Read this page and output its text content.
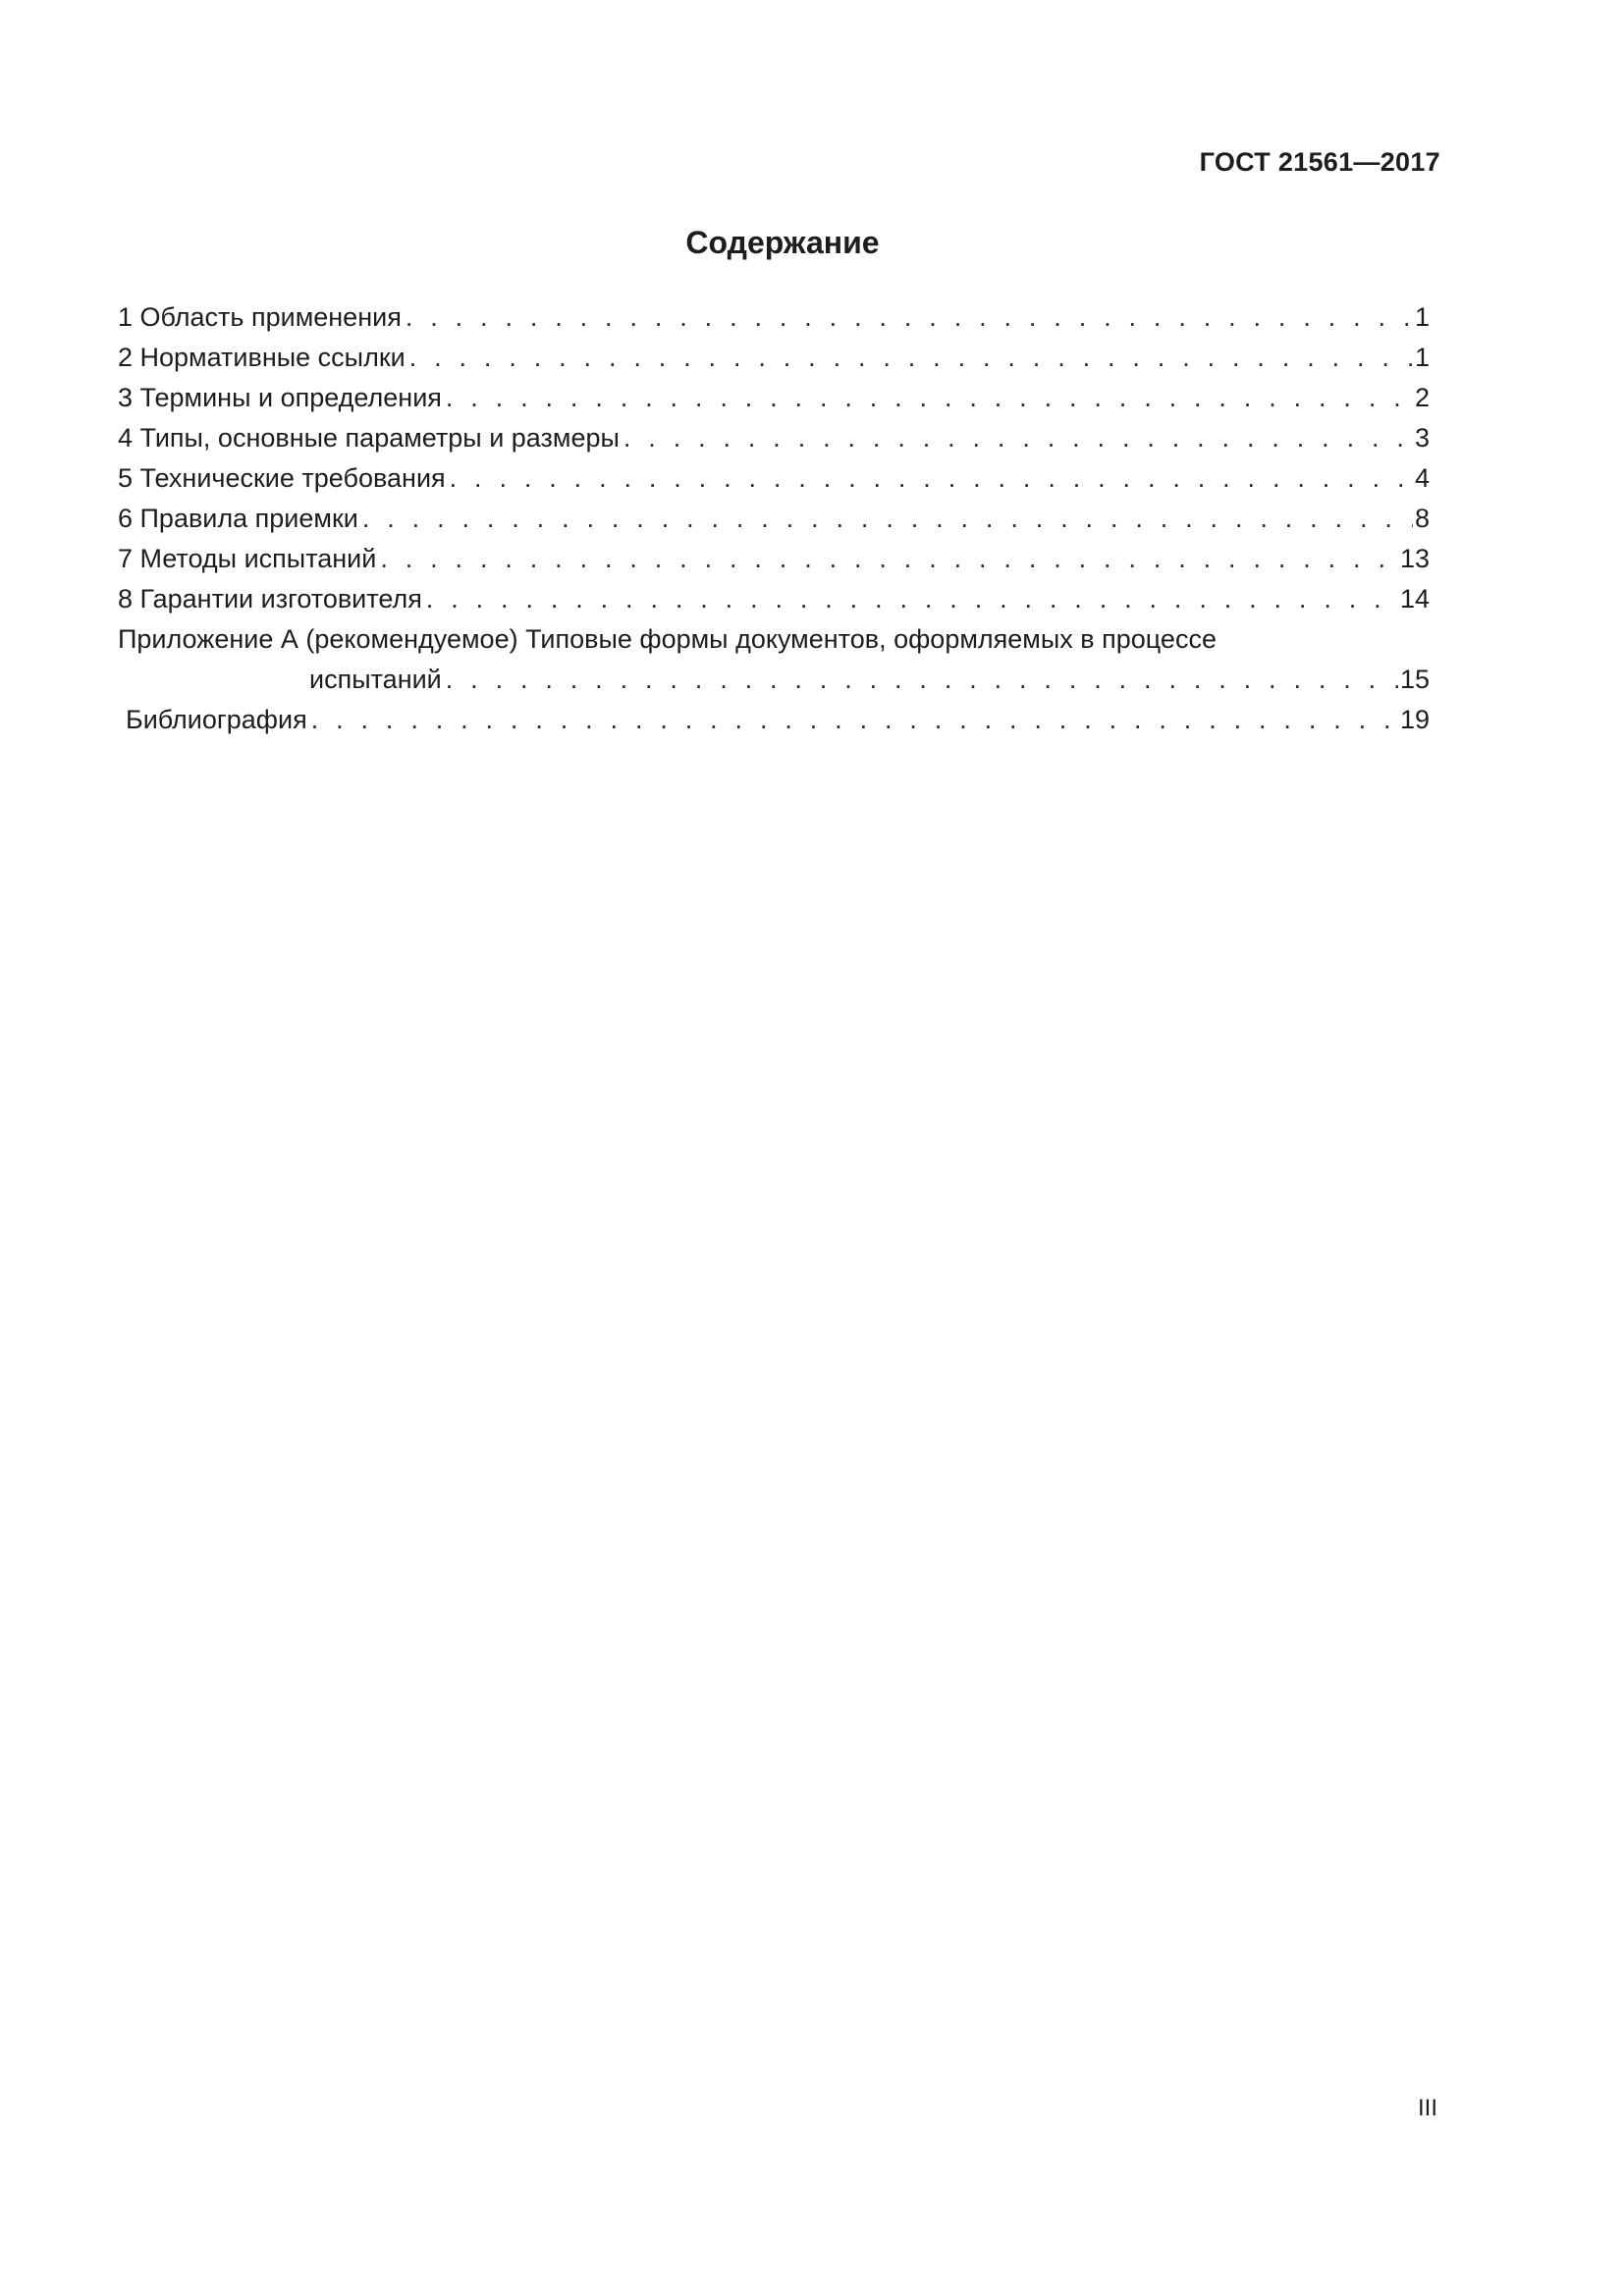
ГОСТ 21561—2017
Содержание
1 Область применения . . .	1
2 Нормативные ссылки . . .	1
3 Термины и определения . . .	2
4 Типы, основные параметры и размеры . . .	3
5 Технические требования . . .	4
6 Правила приемки . . .	8
7 Методы испытаний . . .	13
8 Гарантии изготовителя . . .	14
Приложение А (рекомендуемое) Типовые формы документов, оформляемых в процессе
испытаний . . .	15
Библиография . . .	19
III
